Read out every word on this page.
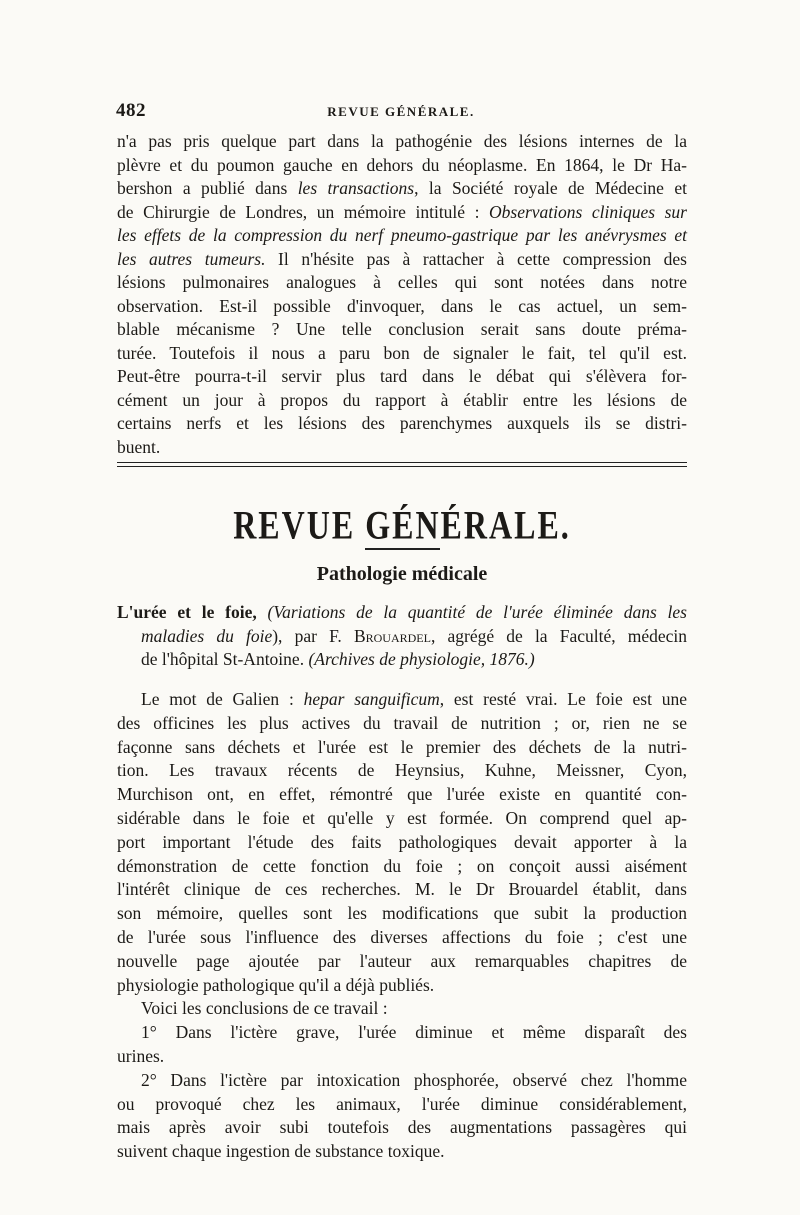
482	REVUE GÉNÉRALE.
n'a pas pris quelque part dans la pathogénie des lésions internes de la
plèvre et du poumon gauche en dehors du néoplasme. En 1864, le Dr Ha-
bershon a publié dans les transactions, la Société royale de Médecine et
de Chirurgie de Londres, un mémoire intitulé : Observations cliniques sur
les effets de la compression du nerf pneumo-gastrique par les anévrysmes et
les autres tumeurs. Il n'hésite pas à rattacher à cette compression des
lésions pulmonaires analogues à celles qui sont notées dans notre
observation. Est-il possible d'invoquer, dans le cas actuel, un sem-
blable mécanisme ? Une telle conclusion serait sans doute préma-
turée. Toutefois il nous a paru bon de signaler le fait, tel qu'il est.
Peut-être pourra-t-il servir plus tard dans le débat qui s'élèvera for-
cément un jour à propos du rapport à établir entre les lésions de
certains nerfs et les lésions des parenchymes auxquels ils se distri-
buent.
REVUE GÉNÉRALE.
Pathologie médicale
L'urée et le foie, (Variations de la quantité de l'urée éliminée dans les
maladies du foie), par F. Brouardel, agrégé de la Faculté, médecin
de l'hôpital St-Antoine. (Archives de physiologie, 1876.)
Le mot de Galien : hepar sanguificum, est resté vrai. Le foie est une
des officines les plus actives du travail de nutrition ; or, rien ne se
façonne sans déchets et l'urée est le premier des déchets de la nutri-
tion. Les travaux récents de Heynsius, Kuhne, Meissner, Cyon,
Murchison ont, en effet, rémontré que l'urée existe en quantité con-
sidérable dans le foie et qu'elle y est formée. On comprend quel ap-
port important l'étude des faits pathologiques devait apporter à la
démonstration de cette fonction du foie ; on conçoit aussi aisément
l'intérêt clinique de ces recherches. M. le Dr Brouardel établit, dans
son mémoire, quelles sont les modifications que subit la production
de l'urée sous l'influence des diverses affections du foie ; c'est une
nouvelle page ajoutée par l'auteur aux remarquables chapitres de
physiologie pathologique qu'il a déjà publiés.
Voici les conclusions de ce travail :
1° Dans l'ictère grave, l'urée diminue et même disparaît des
urines.
2° Dans l'ictère par intoxication phosphorée, observé chez l'homme
ou provoqué chez les animaux, l'urée diminue considérablement,
mais après avoir subi toutefois des augmentations passagères qui
suivent chaque ingestion de substance toxique.
